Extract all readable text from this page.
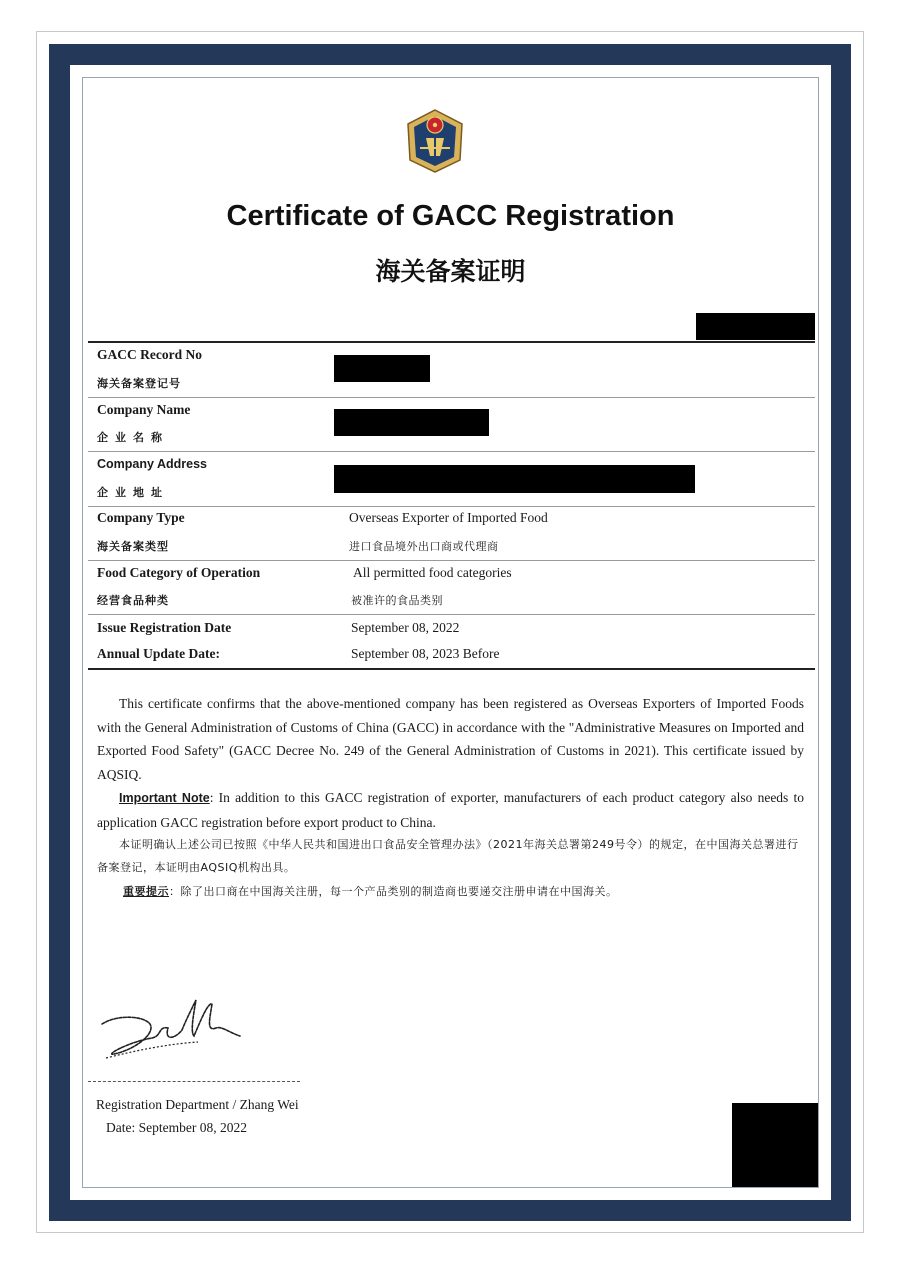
Certificate of GACC Registration
海关备案证明
GACC Record No
海关备案登记号
Company Name
企业名称
Company Address
企业地址
Company Type
海关备案类型
Overseas Exporter of Imported Food
进口食品境外出口商或代理商
Food Category of Operation
经营食品种类
All permitted food categories
被准许的食品类别
Issue Registration Date	September 08, 2022
Annual Update Date:	September 08, 2023 Before
This certificate confirms that the above-mentioned company has been registered as Overseas Exporters of Imported Foods with the General Administration of Customs of China (GACC) in accordance with the "Administrative Measures on Imported and Exported Food Safety" (GACC Decree No. 249 of the General Administration of Customs in 2021). This certificate issued by AQSIQ.
Important Note: In addition to this GACC registration of exporter, manufacturers of each product category also needs to application GACC registration before export product to China.
本证明确认上述公司已按照《中华人民共和国进出口食品安全管理办法》（2021年海关总署第249号令）的规定，在中国海关总署进行备案登记，本证明由AQSIQ机构出具。
重要提示：除了出口商在中国海关注册，每一个产品类别的制造商也要递交注册申请在中国海关。
Registration Department / Zhang Wei
Date: September 08, 2022
